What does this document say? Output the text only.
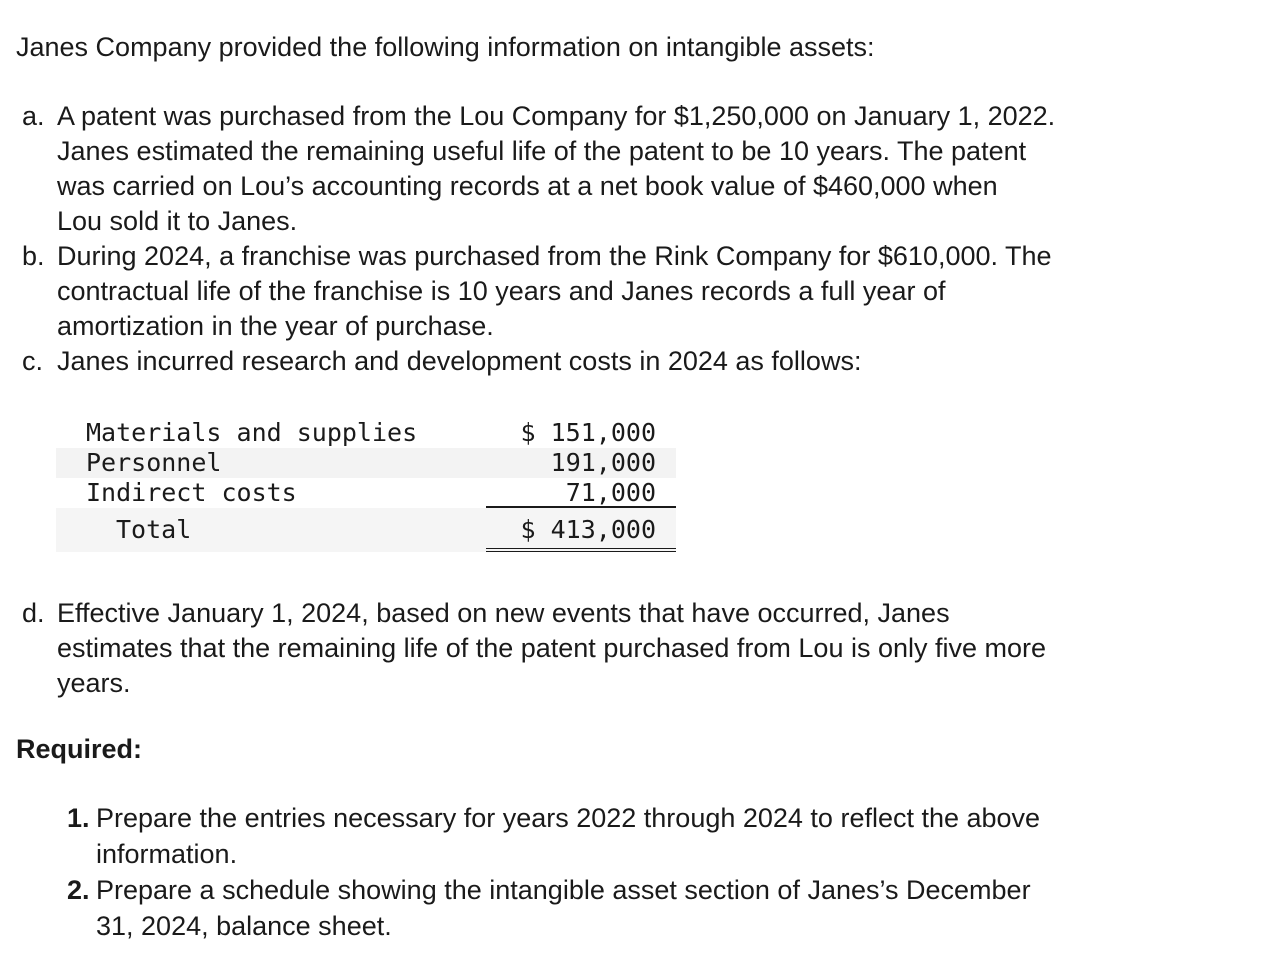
Janes Company provided the following information on intangible assets:

a. A patent was purchased from the Lou Company for $1,250,000 on January 1, 2022.
Janes estimated the remaining useful life of the patent to be 10 years. The patent
was carried on Lou’s accounting records at a net book value of $460,000 when
Lou sold it to Janes.
b. During 2024, a franchise was purchased from the Rink Company for $610,000. The
contractual life of the franchise is 10 years and Janes records a full year of
amortization in the year of purchase.
c. Janes incurred research and development costs in 2024 as follows:
Materials and supplies	$ 151,000
Personnel	191,000
Indirect costs	71,000
Total	$ 413,000
d. Effective January 1, 2024, based on new events that have occurred, Janes
estimates that the remaining life of the patent purchased from Lou is only five more
years.
Required:
1. Prepare the entries necessary for years 2022 through 2024 to reflect the above
information.
2. Prepare a schedule showing the intangible asset section of Janes’s December
31, 2024, balance sheet.
